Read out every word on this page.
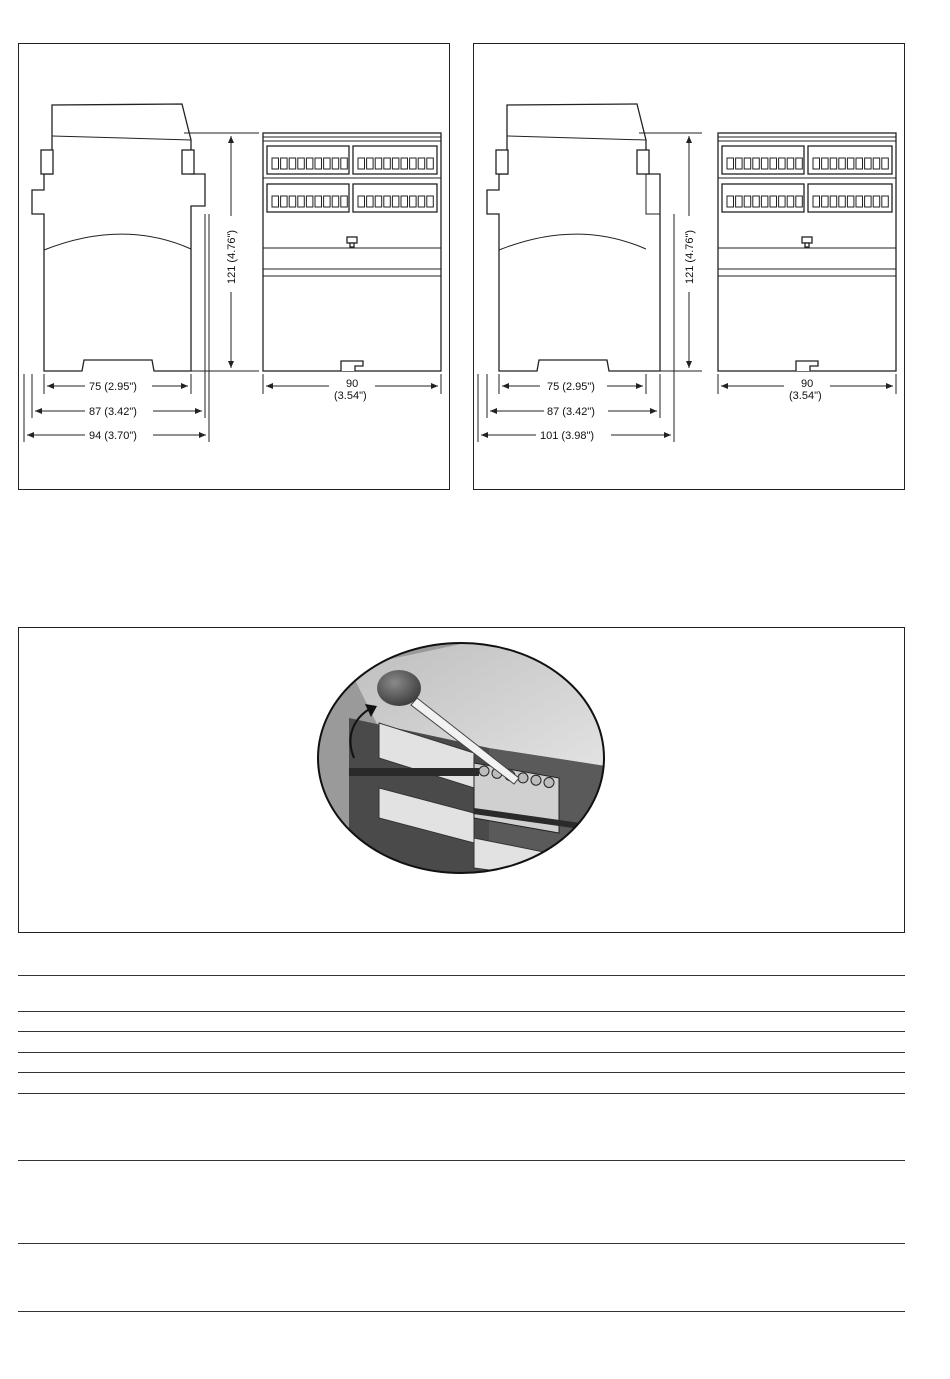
121 (4.76")
75 (2.95")
87 (3.42")
94 (3.70")
90
(3.54")
121 (4.76")
75 (2.95")
87 (3.42")
101 (3.98")
90
(3.54")
